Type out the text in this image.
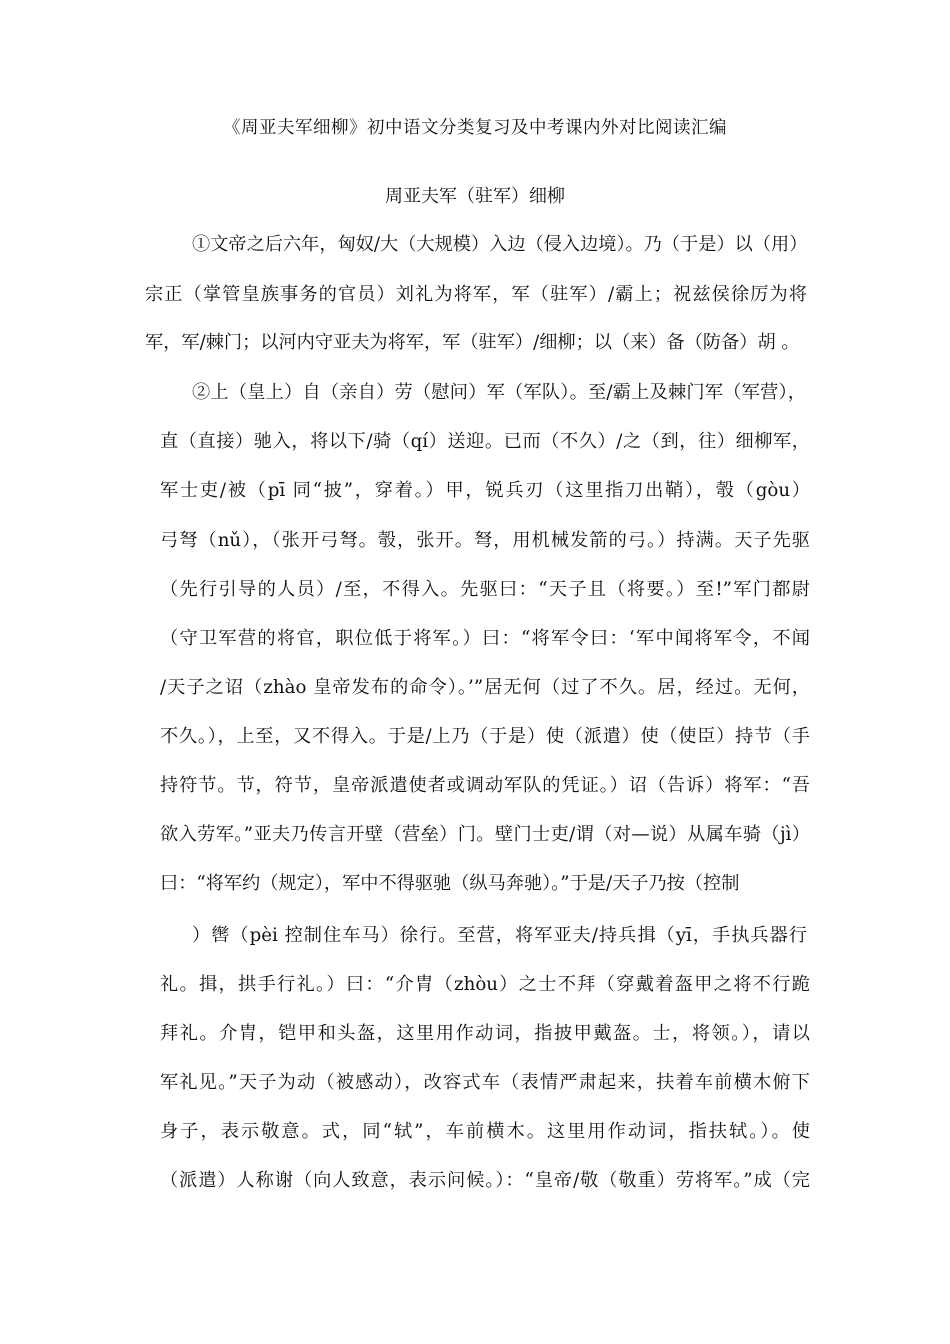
《周亚夫军细柳》初中语文分类复习及中考课内外对比阅读汇编
周亚夫军（驻军）细柳
①文帝之后六年，匈奴/大（大规模）入边（侵入边境）。乃（于是）以（用）
宗正（掌管皇族事务的官员）刘礼为将军，军（驻军）/霸上；祝兹侯徐厉为将
军，军/棘门；以河内守亚夫为将军，军（驻军）/细柳；以（来）备（防备）胡 。
②上（皇上）自（亲自）劳（慰问）军（军队）。至/霸上及棘门军（军营），
直（直接）驰入，将以下/骑（qí）送迎。已而（不久）/之（到，往）细柳军，
军士吏/被（pī 同“披”，穿着。）甲，锐兵刃（这里指刀出鞘），彀（gòu）
弓弩（nǔ），（张开弓弩。彀，张开。弩，用机械发箭的弓。）持满。天子先驱
（先行引导的人员）/至，不得入。先驱曰：“天子且（将要。）至!”军门都尉
（守卫军营的将官，职位低于将军。）曰：“将军令曰：‘军中闻将军令，不闻
/天子之诏（zhào 皇帝发布的命令）。’”居无何（过了不久。居，经过。无何，
不久。），上至，又不得入。于是/上乃（于是）使（派遣）使（使臣）持节（手
持符节。节，符节，皇帝派遣使者或调动军队的凭证。）诏（告诉）将军：“吾
欲入劳军。”亚夫乃传言开壁（营垒）门。壁门士吏/谓（对—说）从属车骑（jì）
曰：“将军约（规定），军中不得驱驰（纵马奔驰）。”于是/天子乃按（控制
）辔（pèi 控制住车马）徐行。至营，将军亚夫/持兵揖（yī，手执兵器行
礼。揖，拱手行礼。）曰：“介胄（zhòu）之士不拜（穿戴着盔甲之将不行跪
拜礼。介胄，铠甲和头盔，这里用作动词，指披甲戴盔。士，将领。），请以
军礼见。”天子为动（被感动），改容式车（表情严肃起来，扶着车前横木俯下
身子，表示敬意。式，同“轼”，车前横木。这里用作动词，指扶轼。）。使
（派遣）人称谢（向人致意，表示问候。）：“皇帝/敬（敬重）劳将军。”成（完
